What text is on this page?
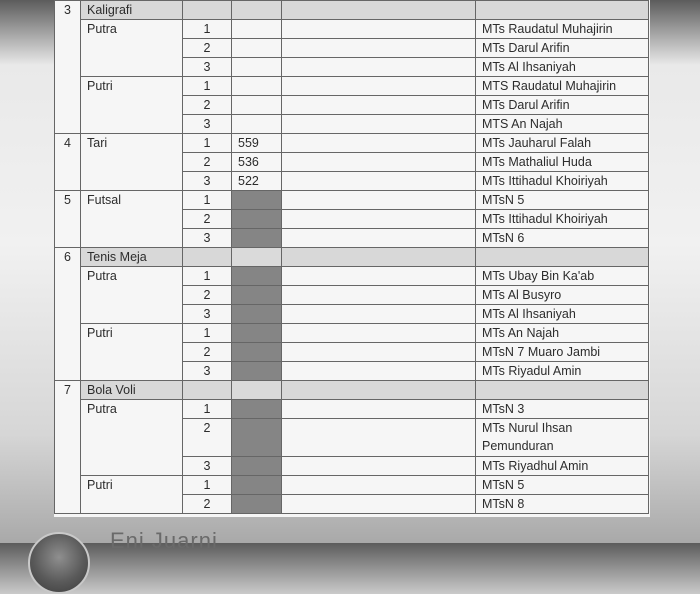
3	Kaligrafi				
	Putra	1			MTs Raudatul Muhajirin
		2			MTs Darul Arifin
		3			MTs Al Ihsaniyah
	Putri	1			MTS Raudatul Muhajirin
		2			MTs Darul Arifin
		3			MTS An Najah
4	Tari	1	559		MTs Jauharul Falah
		2	536		MTs Mathaliul Huda
		3	522		MTs Ittihadul Khoiriyah
5	Futsal	1			MTsN 5
		2			MTs Ittihadul Khoiriyah
		3			MTsN 6
6	Tenis Meja				
	Putra	1			MTs Ubay Bin Ka'ab
		2			MTs Al Busyro
		3			MTs Al Ihsaniyah
	Putri	1			MTs An Najah
		2			MTsN 7 Muaro Jambi
		3			MTs Riyadul Amin
7	Bola Voli				
	Putra	1			MTsN 3
		2			MTs Nurul Ihsan
Pemunduran
		3			MTs Riyadhul Amin
	Putri	1			MTsN 5
		2			MTsN 8
Eni Juarni
